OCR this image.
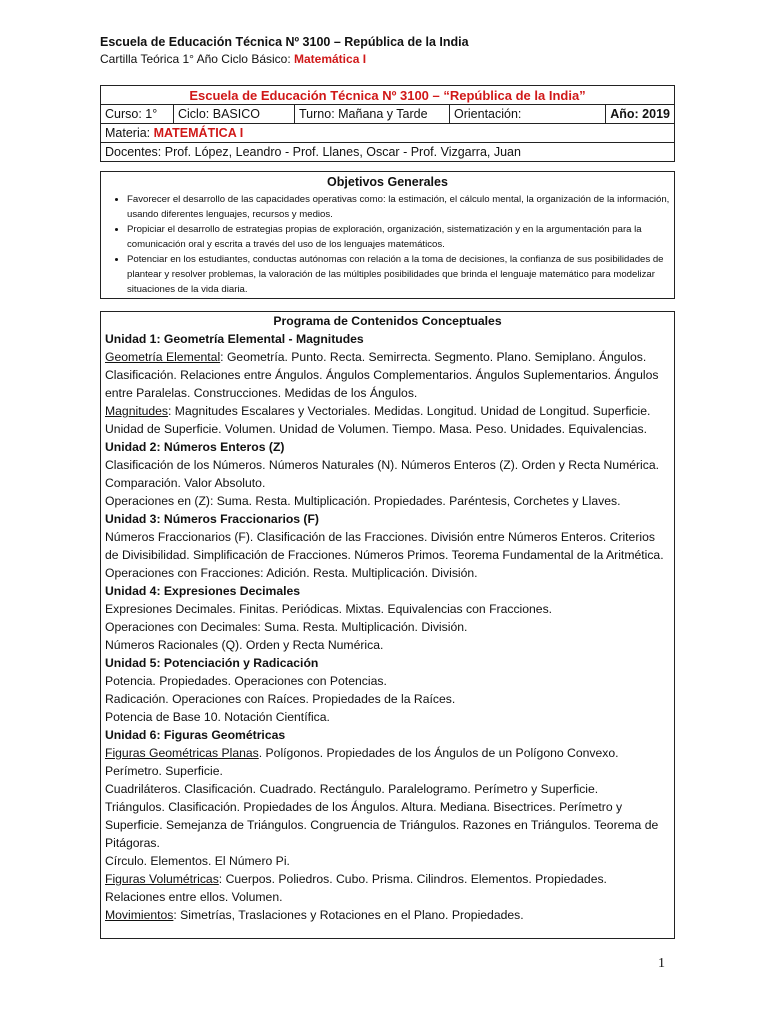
Escuela de Educación Técnica Nº 3100 – República de la India
Cartilla Teórica 1° Año Ciclo Básico: Matemática I
Escuela de Educación Técnica Nº 3100 – “República de la India”
Curso: 1°	Ciclo: BASICO	Turno: Mañana y Tarde	Orientación:	Año: 2019
Materia: MATEMÁTICA I
Docentes: Prof. López, Leandro - Prof. Llanes, Oscar - Prof. Vizgarra, Juan
Objetivos Generales
• Favorecer el desarrollo de las capacidades operativas como: la estimación, el cálculo mental, la organización de la información, usando diferentes lenguajes, recursos y medios.
• Propiciar el desarrollo de estrategias propias de exploración, organización, sistematización y en la argumentación para la comunicación oral y escrita a través del uso de los lenguajes matemáticos.
• Potenciar en los estudiantes, conductas autónomas con relación a la toma de decisiones, la confianza de sus posibilidades de plantear y resolver problemas, la valoración de las múltiples posibilidades que brinda el lenguaje matemático para modelizar situaciones de la vida diaria.
Programa de Contenidos Conceptuales

Unidad 1: Geometría Elemental - Magnitudes

Geometría Elemental: Geometría. Punto. Recta. Semirrecta. Segmento. Plano. Semiplano. Ángulos. Clasificación. Relaciones entre Ángulos. Ángulos Complementarios. Ángulos Suplementarios. Ángulos entre Paralelas. Construcciones. Medidas de los Ángulos.

Magnitudes: Magnitudes Escalares y Vectoriales. Medidas. Longitud. Unidad de Longitud. Superficie. Unidad de Superficie. Volumen. Unidad de Volumen. Tiempo. Masa. Peso. Unidades. Equivalencias.

Unidad 2: Números Enteros (Z)

Clasificación de los Números. Números Naturales (N). Números Enteros (Z). Orden y Recta Numérica. Comparación. Valor Absoluto.

Operaciones en (Z): Suma. Resta. Multiplicación. Propiedades. Paréntesis, Corchetes y Llaves.

Unidad 3: Números Fraccionarios (F)

Números Fraccionarios (F). Clasificación de las Fracciones. División entre Números Enteros. Criterios de Divisibilidad. Simplificación de Fracciones. Números Primos. Teorema Fundamental de la Aritmética. Operaciones con Fracciones: Adición. Resta. Multiplicación. División.

Unidad 4: Expresiones Decimales

Expresiones Decimales. Finitas. Periódicas. Mixtas. Equivalencias con Fracciones.

Operaciones con Decimales: Suma. Resta. Multiplicación. División.

Números Racionales (Q). Orden y Recta Numérica.

Unidad 5: Potenciación y Radicación

Potencia. Propiedades. Operaciones con Potencias.

Radicación. Operaciones con Raíces. Propiedades de la Raíces.

Potencia de Base 10. Notación Científica.

Unidad 6: Figuras Geométricas

Figuras Geométricas Planas. Polígonos. Propiedades de los Ángulos de un Polígono Convexo. Perímetro. Superficie.

Cuadriláteros. Clasificación. Cuadrado. Rectángulo. Paralelogramo. Perímetro y Superficie.

Triángulos. Clasificación. Propiedades de los Ángulos. Altura. Mediana. Bisectrices. Perímetro y Superficie. Semejanza de Triángulos. Congruencia de Triángulos. Razones en Triángulos. Teorema de Pitágoras.

Círculo. Elementos. El Número Pi.

Figuras Volumétricas: Cuerpos. Poliedros. Cubo. Prisma. Cilindros. Elementos. Propiedades. Relaciones entre ellos. Volumen.

Movimientos: Simetrías, Traslaciones y Rotaciones en el Plano. Propiedades.

1
